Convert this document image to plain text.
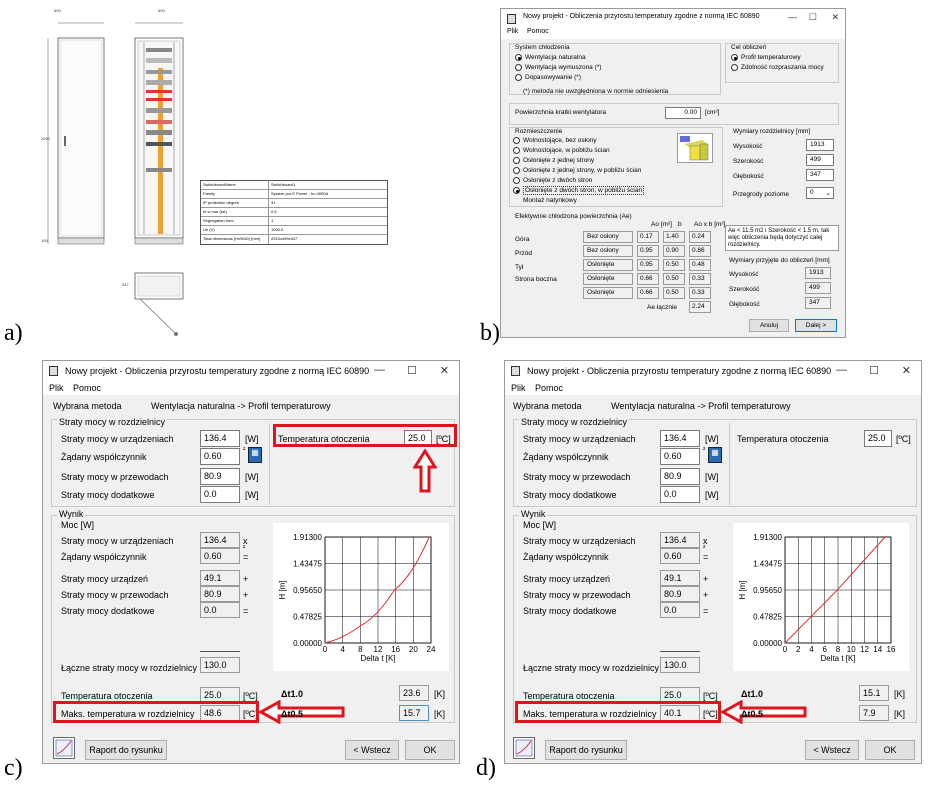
a)	b)
c)	d)
600	600
2000
100
347
SwitchboardName	Switchboard1
Family	System pro E Power - In=4000A
IP protection degree	31
Ie w mar (kA)	0.5
Segregation form	1
Ue (V)	1000.0
Total dimensions (HxWxD) [mm]	2013x499x347
Nowy projekt - Obliczenia przyrostu temperatury zgodne z normą IEC 60890	— ☐ ✕
Plik Pomoc
System chłodzenia
Wentylacja naturalna
Wentylacja wymuszona (*)
Dopasowywanie (*)
(*) metoda nie uwzględniona w normie odniesienia
Cel obliczeń
Profil temperaturowy
Zdolność rozpraszania mocy
Powierzchnia kratki wentylatora	0.00	[cm²]
Rozmieszczenie
Wolnostojące, bez osłony
Wolnostojące, w pobliżu ścian
Osłonięte z jednej strony
Osłonięte z jednej strony, w pobliżu ścian
Osłonięte z dwóch stron
Osłonięte z dwóch stron, w pobliżu ścian
Montaż natynkowy
Wymiary rozdzielnicy [mm]
Wysokość	1913
Szerokość	499
Głębokość	347
Przegrody poziome	0 ⌄
Efektywnie chłodzona powierzchnia (Ae)
Ao [m²] b Ao x b [m²]
Góra	Bez osłony	0.17	1.40	0.24
Przód	Bez osłony	0.95	0.90	0.86
Tył	Osłonięte	0.95	0.50	0.48
Strona boczna	Osłonięte	0.66	0.50	0.33
Osłonięte	0.66	0.50	0.33
Ae łącznie	2.24
Ae < 11.5 m2 i Szerokość < 1.5 m, tak więc obliczenia będą dotyczyć całej rozdzielnicy.
Wymiary przyjęte do obliczeń [mm]
Wysokość	1913
Szerokość	499
Głębokość	347
Anuluj	Dalej >
Nowy projekt - Obliczenia przyrostu temperatury zgodne z normą IEC 60890 — ☐ ✕
Plik Pomoc
Wybrana metoda	Wentylacja naturalna -> Profil temperaturowy
Straty mocy w rozdzielnicy
Straty mocy w urządzeniach	136.4	[W]
Żądany współczynnik	0.60
² ▦
Straty mocy w przewodach	80.9	[W]
Straty mocy dodatkowe	0.0	[W]
Temperatura otoczenia	25.0	[ºC]
Wynik
Moc [W]
Straty mocy w urządzeniach	136.4	x
Żądany współczynnik	0.60
²
=
Straty mocy urządzeń	49.1	+
Straty mocy w przewodach	80.9	+
Straty mocy dodatkowe	0.0	=
Łączne straty mocy w rozdzielnicy 130.0
0 4 8 12 16 20 24
0.00000
0.47825
0.95650
1.43475
1.91300
Delta t [K]
H [m]
Temperatura otoczenia	25.0	[ºC]
Maks. temperatura w rozdzielnicy	48.6	[ºC]
Δt1.0	23.6	[K]
Δt0.5	15.7	[K]
Raport do rysunku	< Wstecz	OK
Nowy projekt - Obliczenia przyrostu temperatury zgodne z normą IEC 60890 — ☐ ✕
Plik Pomoc
Wybrana metoda	Wentylacja naturalna -> Profil temperaturowy
Straty mocy w rozdzielnicy
Straty mocy w urządzeniach	136.4	[W]
Żądany współczynnik	0.60
² ▦
Straty mocy w przewodach	80.9	[W]
Straty mocy dodatkowe	0.0	[W]
Temperatura otoczenia	25.0	[ºC]
Wynik
Moc [W]
Straty mocy w urządzeniach	136.4	x
Żądany współczynnik	0.60
²
=
Straty mocy urządzeń	49.1	+
Straty mocy w przewodach	80.9	+
Straty mocy dodatkowe	0.0	=
Łączne straty mocy w rozdzielnicy 130.0
0 2 4 6 8 10 12 14 16
0.00000
0.47825
0.95650
1.43475
1.91300
Delta t [K]
H [m]
Temperatura otoczenia	25.0	[ºC]
Maks. temperatura w rozdzielnicy 40.1	[ºC]
Δt1.0	15.1	[K]
Δt0.5	7.9	[K]
Raport do rysunku	< Wstecz	OK
